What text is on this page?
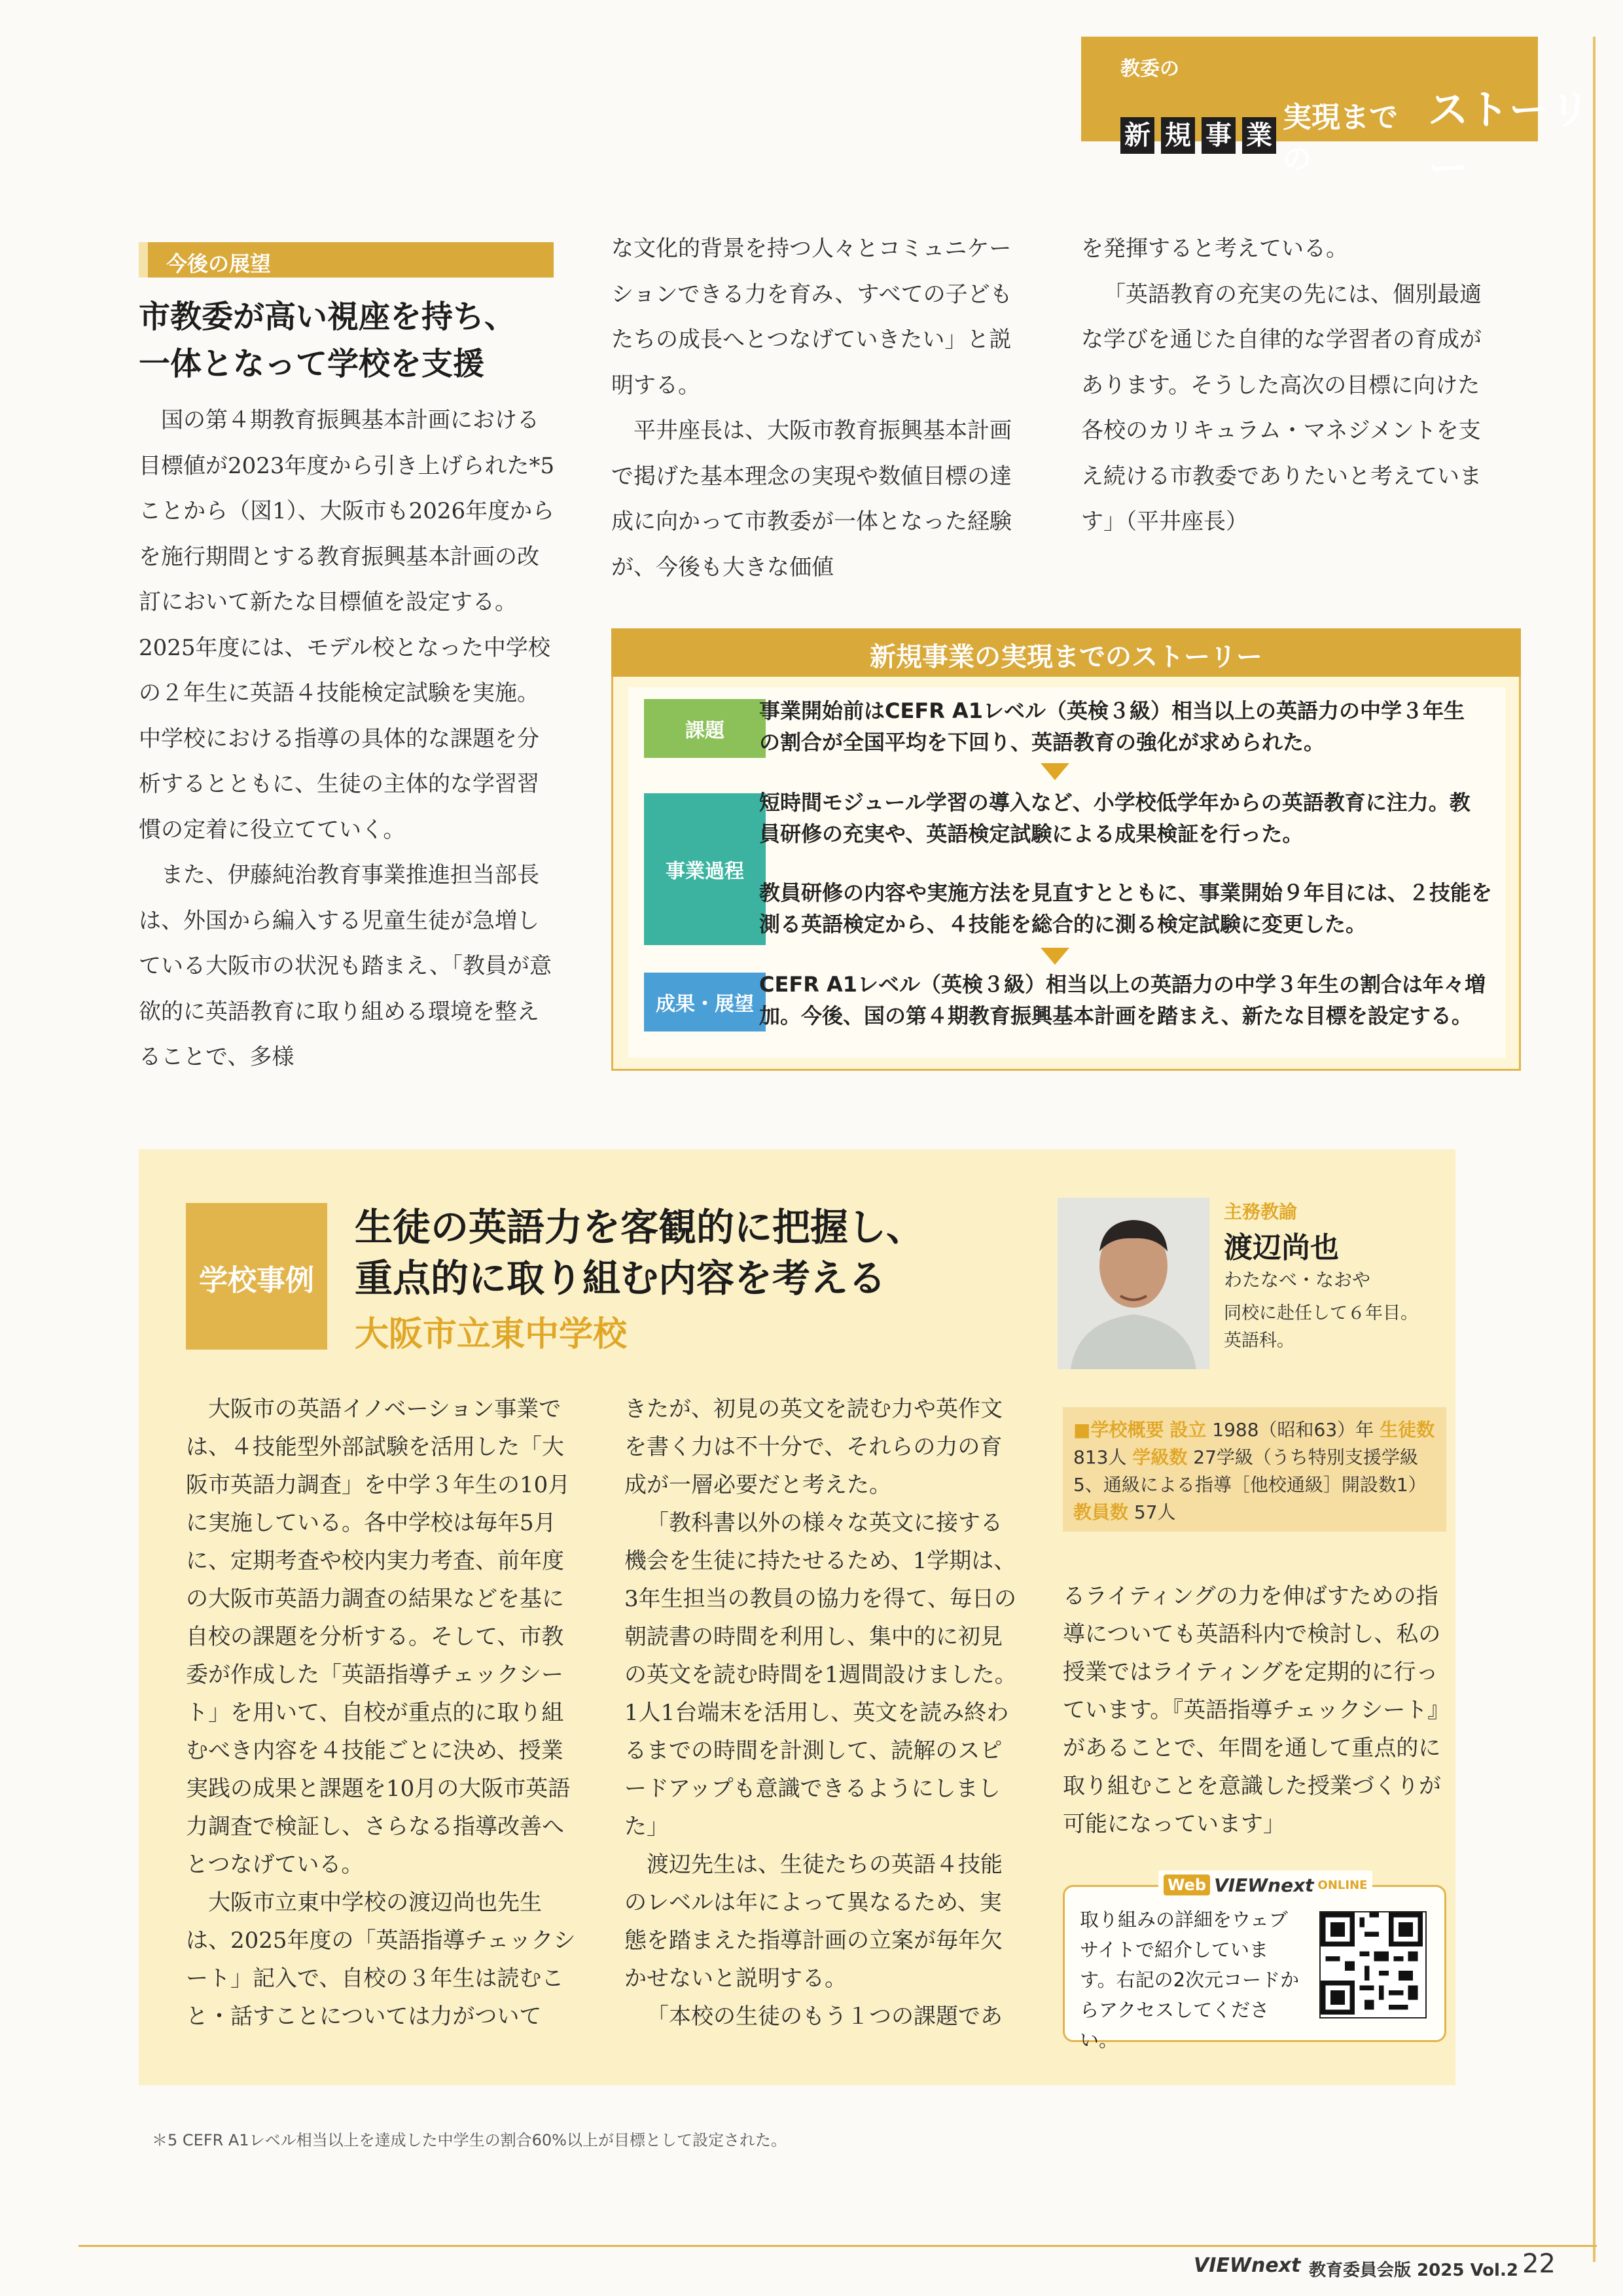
教委の
新 規 事 業
実現までの
ストーリー
今後の展望
市教委が高い視座を持ち、
一体となって学校を支援

国の第４期教育振興基本計画における目標値が2023年度から引き上げられた*5ことから（図1）、大阪市も2026年度からを施行期間とする教育振興基本計画の改訂において新たな目標値を設定する。2025年度には、モデル校となった中学校の２年生に英語４技能検定試験を実施。中学校における指導の具体的な課題を分析するとともに、生徒の主体的な学習習慣の定着に役立てていく。

また、伊藤純治教育事業推進担当部長は、外国から編入する児童生徒が急増している大阪市の状況も踏まえ、「教員が意欲的に英語教育に取り組める環境を整えることで、多様

な文化的背景を持つ人々とコミュニケーションできる力を育み、すべての子どもたちの成長へとつなげていきたい」と説明する。

平井座長は、大阪市教育振興基本計画で掲げた基本理念の実現や数値目標の達成に向かって市教委が一体となった経験が、今後も大きな価値

を発揮すると考えている。

「英語教育の充実の先には、個別最適な学びを通じた自律的な学習者の育成があります。そうした高次の目標に向けた各校のカリキュラム・マネジメントを支え続ける市教委でありたいと考えています」（平井座長）

新規事業の実現までのストーリー
課題
事業過程
成果・展望
事業開始前はCEFR A1レベル（英検３級）相当以上の英語力の中学３年生の割合が全国平均を下回り、英語教育の強化が求められた。
短時間モジュール学習の導入など、小学校低学年からの英語教育に注力。教員研修の充実や、英語検定試験による成果検証を行った。
教員研修の内容や実施方法を見直すとともに、事業開始９年目には、２技能を測る英語検定から、４技能を総合的に測る検定試験に変更した。
CEFR A1レベル（英検３級）相当以上の英語力の中学３年生の割合は年々増加。今後、国の第４期教育振興基本計画を踏まえ、新たな目標を設定する。
学校事例
生徒の英語力を客観的に把握し、
重点的に取り組む内容を考える
大阪市立東中学校
主務教諭
渡辺尚也
わたなべ・なおや
同校に赴任して６年目。
英語科。
■学校概要 設立 1988（昭和63）年 生徒数 813人 学級数 27学級（うち特別支援学級5、通級による指導［他校通級］開設数1） 教員数 57人

大阪市の英語イノベーション事業では、４技能型外部試験を活用した「大阪市英語力調査」を中学３年生の10月に実施している。各中学校は毎年5月に、定期考査や校内実力考査、前年度の大阪市英語力調査の結果などを基に自校の課題を分析する。そして、市教委が作成した「英語指導チェックシート」を用いて、自校が重点的に取り組むべき内容を４技能ごとに決め、授業実践の成果と課題を10月の大阪市英語力調査で検証し、さらなる指導改善へとつなげている。

大阪市立東中学校の渡辺尚也先生は、2025年度の「英語指導チェックシート」記入で、自校の３年生は読むこと・話すことについては力がついて

きたが、初見の英文を読む力や英作文を書く力は不十分で、それらの力の育成が一層必要だと考えた。

「教科書以外の様々な英文に接する機会を生徒に持たせるため、1学期は、3年生担当の教員の協力を得て、毎日の朝読書の時間を利用し、集中的に初見の英文を読む時間を1週間設けました。1人1台端末を活用し、英文を読み終わるまでの時間を計測して、読解のスピードアップも意識できるようにしました」

渡辺先生は、生徒たちの英語４技能のレベルは年によって異なるため、実態を踏まえた指導計画の立案が毎年欠かせないと説明する。

「本校の生徒のもう１つの課題であ

るライティングの力を伸ばすための指導についても英語科内で検討し、私の授業ではライティングを定期的に行っています。『英語指導チェックシート』があることで、年間を通して重点的に取り組むことを意識した授業づくりが可能になっています」

Web VIEWnext ONLINE
取り組みの詳細をウェブサイトで紹介しています。右記の2次元コードからアクセスしてください。
＊5 CEFR A1レベル相当以上を達成した中学生の割合60%以上が目標として設定された。
VIEWnext 教育委員会版 2025 Vol.2 22
